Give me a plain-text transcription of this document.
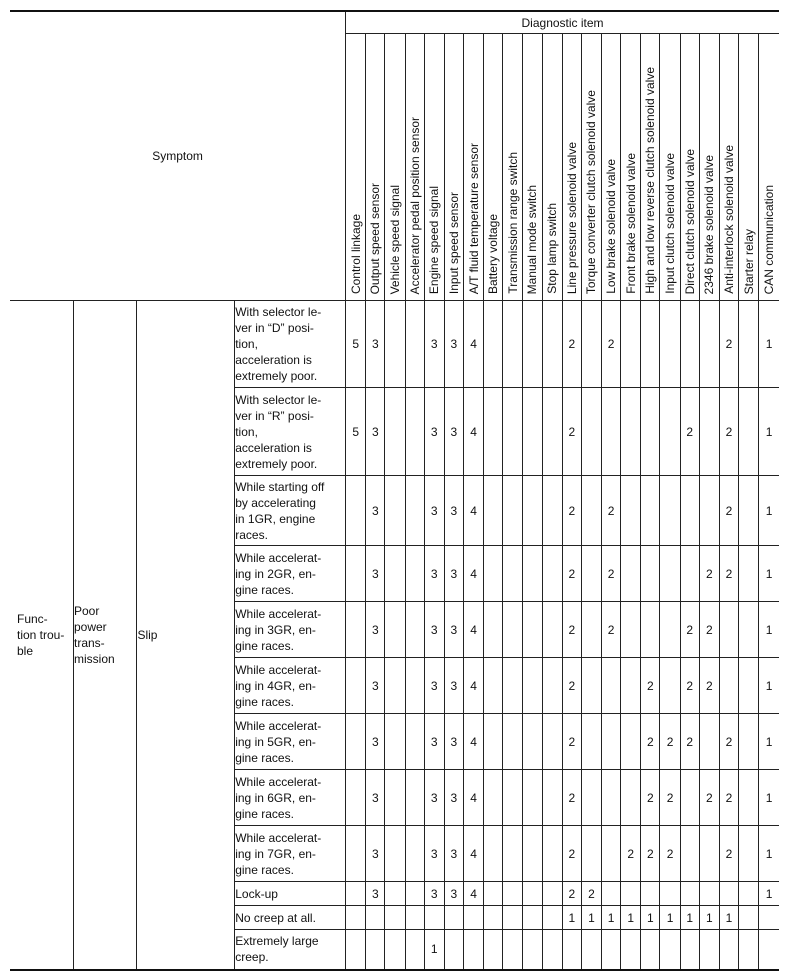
Symptom				Diagnostic item																					

				Control linkage	Output speed sensor	Vehicle speed signal	Accelerator pedal position sensor	Engine speed signal	Input speed sensor	A/T fluid temperature sensor	Battery voltage	Transmission range switch	Manual mode switch	Stop lamp switch	Line pressure solenoid valve	Torque converter clutch solenoid valve	Low brake solenoid valve	Front brake solenoid valve	High and low reverse clutch solenoid valve	Input clutch solenoid valve	Direct clutch solenoid valve	2346 brake solenoid valve	Anti-interlock solenoid valve	Starter relay	CAN communication

Func-
tion trou-
ble	Poor
power
trans-
mission	Slip	With selector le-
ver in “D” posi-
tion,
acceleration is
extremely poor.	5	3			3	3	4					2		2						2		1
			With selector le-
ver in “R” posi-
tion,
acceleration is
extremely poor.	5	3			3	3	4					2						2		2		1
			While starting off
by accelerating
in 1GR, engine
races.		3			3	3	4					2		2						2		1
			While accelerat-
ing in 2GR, en-
gine races.		3			3	3	4					2		2					2	2		1
			While accelerat-
ing in 3GR, en-
gine races.		3			3	3	4					2		2				2	2			1
			While accelerat-
ing in 4GR, en-
gine races.		3			3	3	4					2				2		2	2			1
			While accelerat-
ing in 5GR, en-
gine races.		3			3	3	4					2				2	2	2		2		1
			While accelerat-
ing in 6GR, en-
gine races.		3			3	3	4					2				2	2		2	2		1
			While accelerat-
ing in 7GR, en-
gine races.		3			3	3	4					2			2	2	2			2		1
			Lock-up		3			3	3	4					2	2									1
			No creep at all.												1	1	1	1	1	1	1	1	1		
			Extremely large
creep.					1																	
